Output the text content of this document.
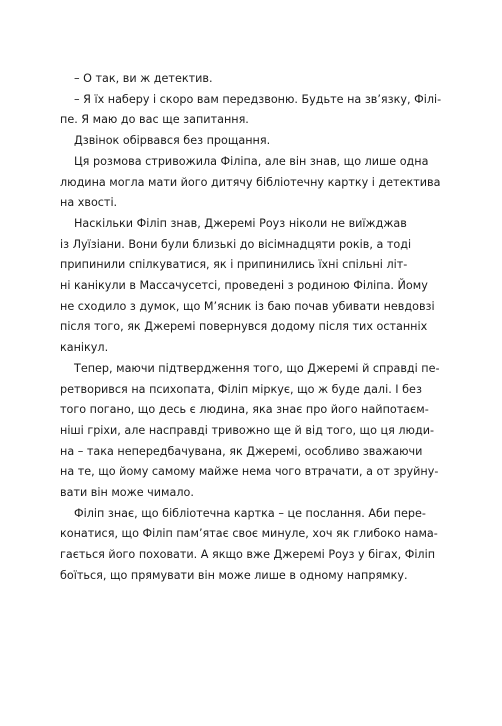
– О так, ви ж детектив.

– Я їх наберу і скоро вам передзвоню. Будьте на зв’язку, Філі-
пе. Я маю до вас ще запитання.

Дзвінок обірвався без прощання.

Ця розмова стривожила Філіпа, але він знав, що лише одна
людина могла мати його дитячу бібліотечну картку і детектива
на хвості.

Наскільки Філіп знав, Джеремі Роуз ніколи не виїжджав
із Луїзіани. Вони були близькі до вісімнадцяти років, а тоді
припинили спілкуватися, як і припинились їхні спільні літ-
ні канікули в Массачусетсі, проведені з родиною Філіпа. Йому
не сходило з думок, що М’ясник із баю почав убивати невдовзі
після того, як Джеремі повернувся додому після тих останніх
канікул.

Тепер, маючи підтвердження того, що Джеремі й справді пе-
ретворився на психопата, Філіп міркує, що ж буде далі. І без
того погано, що десь є людина, яка знає про його найпотаєм-
ніші гріхи, але насправді тривожно ще й від того, що ця люди-
на – така непередбачувана, як Джеремі, особливо зважаючи
на те, що йому самому майже нема чого втрачати, а от зруйну-
вати він може чимало.

Філіп знає, що бібліотечна картка – це послання. Аби пере-
конатися, що Філіп пам’ятає своє минуле, хоч як глибоко нама-
гається його поховати. А якщо вже Джеремі Роуз у бігах, Філіп
боїться, що прямувати він може лише в одному напрямку.
